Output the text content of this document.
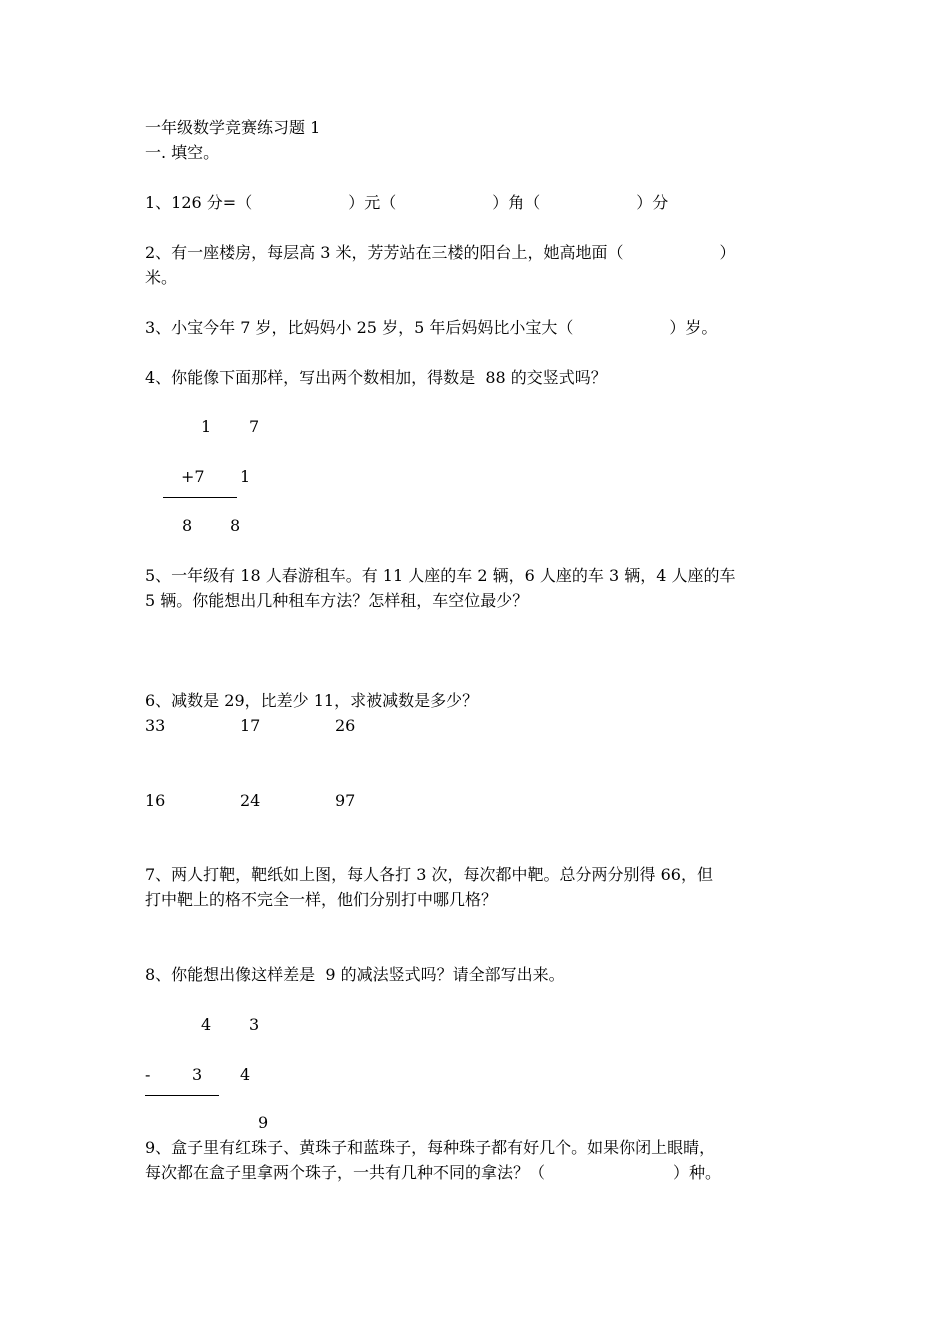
一年级数学竞赛练习题 1
一. 填空。
1、126 分=（　　　　　　）元（　　　　　　）角（　　　　　　）分
2、有一座楼房，每层高 3 米，芳芳站在三楼的阳台上，她高地面（　　　　　　）
米。
3、小宝今年 7 岁，比妈妈小 25 岁，5 年后妈妈比小宝大（　　　　　　）岁。
4、你能像下面那样，写出两个数相加，得数是  88 的交竖式吗？
1 7
+7 1
8 8
5、一年级有 18 人春游租车。有 11 人座的车 2 辆，6 人座的车 3 辆，4 人座的车
5 辆。你能想出几种租车方法？怎样租，车空位最少？
6、减数是 29，比差少 11，求被减数是多少？
33	17	26
16	24	97
7、两人打靶，靶纸如上图，每人各打 3 次，每次都中靶。总分两分别得 66，但
打中靶上的格不完全一样，他们分别打中哪几格？
8、你能想出像这样差是  9 的减法竖式吗？请全部写出来。
4 3
-	3 4
9
9、盒子里有红珠子、黄珠子和蓝珠子，每种珠子都有好几个。如果你闭上眼睛，
每次都在盒子里拿两个珠子，一共有几种不同的拿法？（　　　　　　　　）种。
